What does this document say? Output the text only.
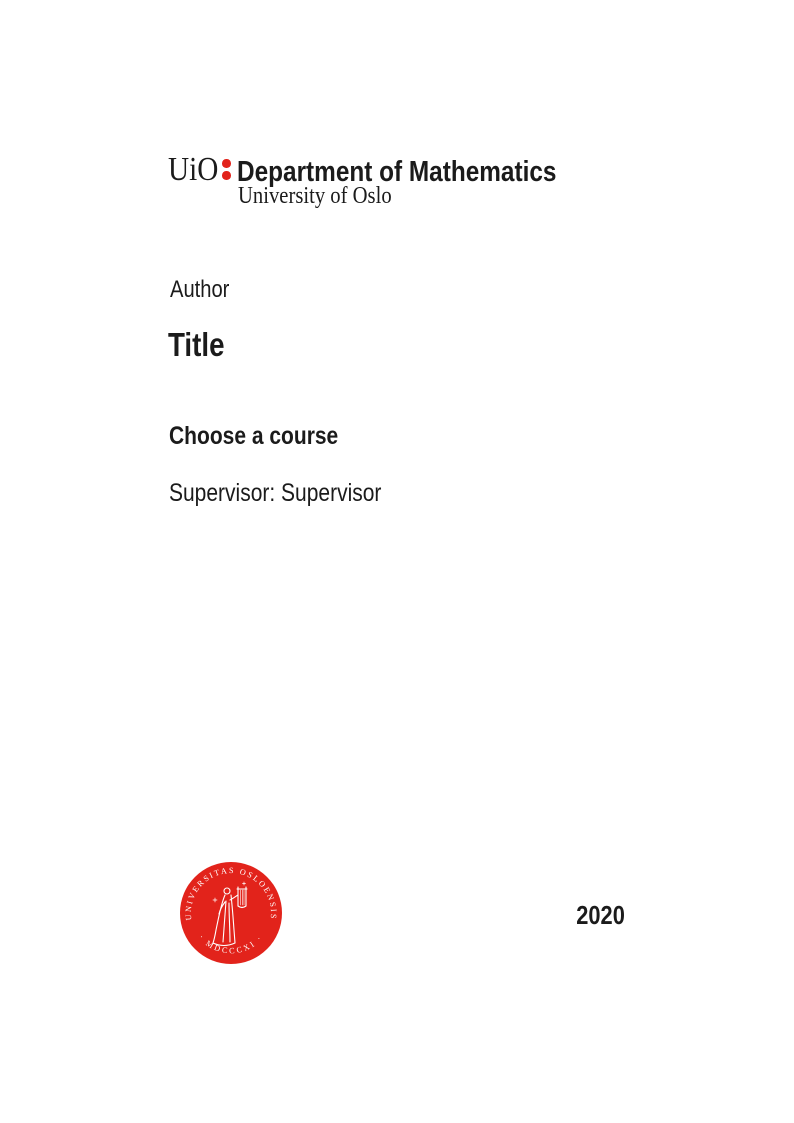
UiO Department of Mathematics
University of Oslo
Author
Title
Choose a course
Supervisor: Supervisor
UNIVERSITAS OSLOENSIS
· MDCCCXI ·
2020
